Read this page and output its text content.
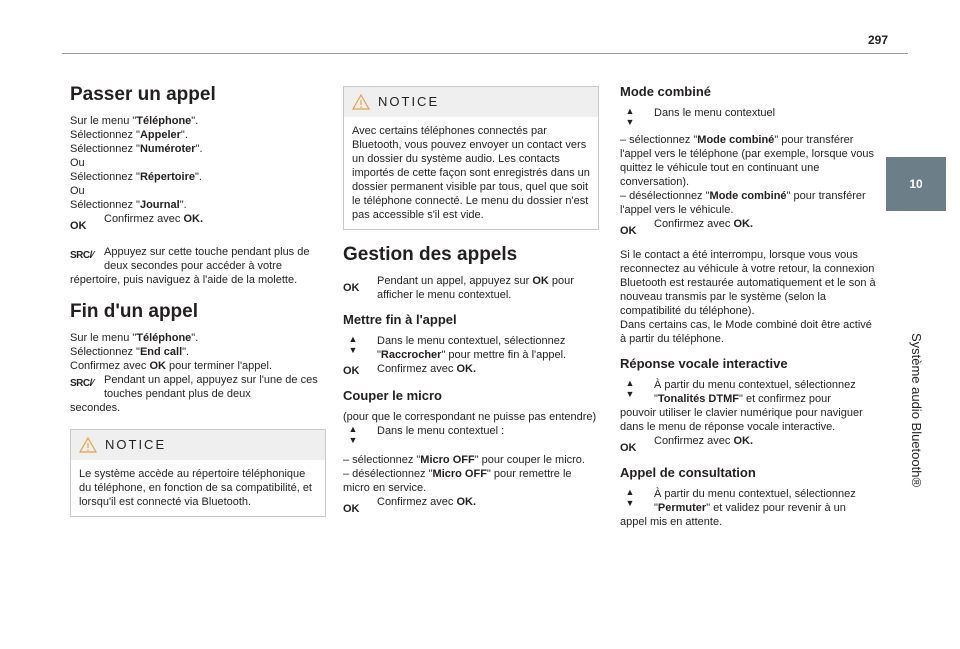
297
10
Système audio Bluetooth®
Passer un appel

Sur le menu "Téléphone".

Sélectionnez "Appeler".

Sélectionnez "Numéroter".

Ou

Sélectionnez "Répertoire".

Ou

Sélectionnez "Journal".

OK
Confirmez avec OK.
SRC/⁄ Appuyez sur cette touche pendant plus de deux secondes pour accéder à votre

répertoire, puis naviguez à l'aide de la molette.

Fin d'un appel

Sur le menu "Téléphone".

Sélectionnez "End call".

Confirmez avec OK pour terminer l'appel.

SRC/⁄ Pendant un appel, appuyez sur l'une de ces touches pendant plus de deux

secondes.

NOTICE
Le système accède au répertoire téléphonique du téléphone, en fonction de sa compatibilité, et lorsqu'il est connecté via Bluetooth.
NOTICE
Avec certains téléphones connectés par Bluetooth, vous pouvez envoyer un contact vers un dossier du système audio. Les contacts importés de cette façon sont enregistrés dans un dossier permanent visible par tous, quel que soit le téléphone connecté. Le menu du dossier n'est pas accessible s'il est vide.
Gestion des appels
OK
Pendant un appel, appuyez sur OK pour afficher le menu contextuel.
Mettre fin à l'appel
▲
▼
Dans le menu contextuel, sélectionnez "Raccrocher" pour mettre fin à l'appel.
OK	Confirmez avec OK.
Couper le micro

(pour que le correspondant ne puisse pas entendre)

▲
▼
Dans le menu contextuel :

– sélectionnez "Micro OFF" pour couper le micro.

– désélectionnez "Micro OFF" pour remettre le micro en service.

OK
Confirmez avec OK.
Mode combiné
▲
▼
Dans le menu contextuel

– sélectionnez "Mode combiné" pour transférer l'appel vers le téléphone (par exemple, lorsque vous quittez le véhicule tout en continuant une conversation).

– désélectionnez "Mode combiné" pour transférer l'appel vers le véhicule.

OK
Confirmez avec OK.

Si le contact a été interrompu, lorsque vous vous reconnectez au véhicule à votre retour, la connexion Bluetooth est restaurée automatiquement et le son à nouveau transmis par le système (selon la compatibilité du téléphone).

Dans certains cas, le Mode combiné doit être activé à partir du téléphone.

Réponse vocale interactive
▲
▼
À partir du menu contextuel, sélectionnez "Tonalités DTMF" et confirmez pour

pouvoir utiliser le clavier numérique pour naviguer dans le menu de réponse vocale interactive.

OK
Confirmez avec OK.
Appel de consultation
▲
▼
À partir du menu contextuel, sélectionnez "Permuter" et validez pour revenir à un

appel mis en attente.
